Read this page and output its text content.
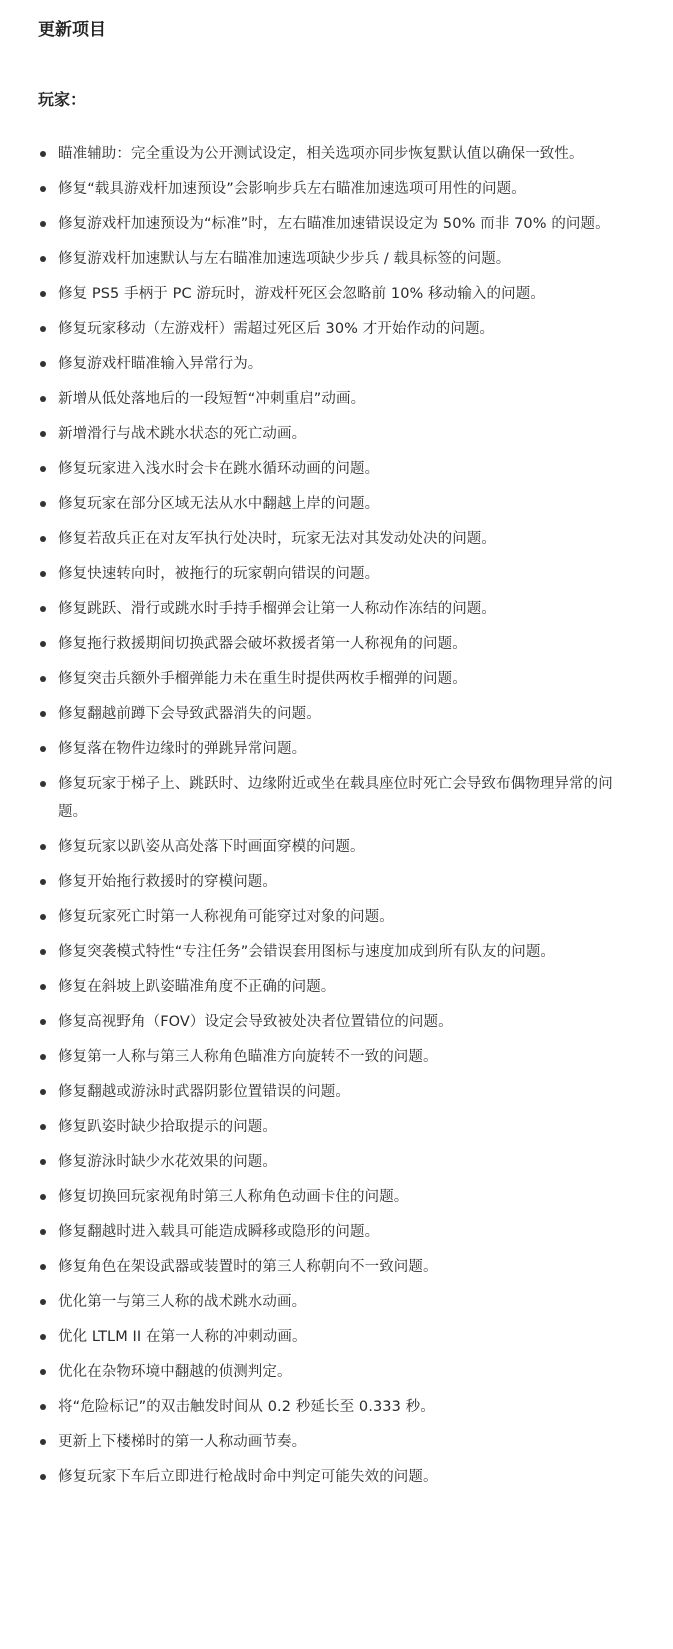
更新项目
玩家：
瞄准辅助：完全重设为公开测试设定，相关选项亦同步恢复默认值以确保一致性。
修复“载具游戏杆加速预设”会影响步兵左右瞄准加速选项可用性的问题。
修复游戏杆加速预设为“标准”时，左右瞄准加速错误设定为 50% 而非 70% 的问题。
修复游戏杆加速默认与左右瞄准加速选项缺少步兵 / 载具标签的问题。
修复 PS5 手柄于 PC 游玩时，游戏杆死区会忽略前 10% 移动输入的问题。
修复玩家移动（左游戏杆）需超过死区后 30% 才开始作动的问题。
修复游戏杆瞄准输入异常行为。
新增从低处落地后的一段短暂“冲刺重启”动画。
新增滑行与战术跳水状态的死亡动画。
修复玩家进入浅水时会卡在跳水循环动画的问题。
修复玩家在部分区域无法从水中翻越上岸的问题。
修复若敌兵正在对友军执行处决时，玩家无法对其发动处决的问题。
修复快速转向时，被拖行的玩家朝向错误的问题。
修复跳跃、滑行或跳水时手持手榴弹会让第一人称动作冻结的问题。
修复拖行救援期间切换武器会破坏救援者第一人称视角的问题。
修复突击兵额外手榴弹能力未在重生时提供两枚手榴弹的问题。
修复翻越前蹲下会导致武器消失的问题。
修复落在物件边缘时的弹跳异常问题。
修复玩家于梯子上、跳跃时、边缘附近或坐在载具座位时死亡会导致布偶物理异常的问题。
修复玩家以趴姿从高处落下时画面穿模的问题。
修复开始拖行救援时的穿模问题。
修复玩家死亡时第一人称视角可能穿过对象的问题。
修复突袭模式特性“专注任务”会错误套用图标与速度加成到所有队友的问题。
修复在斜坡上趴姿瞄准角度不正确的问题。
修复高视野角（FOV）设定会导致被处决者位置错位的问题。
修复第一人称与第三人称角色瞄准方向旋转不一致的问题。
修复翻越或游泳时武器阴影位置错误的问题。
修复趴姿时缺少拾取提示的问题。
修复游泳时缺少水花效果的问题。
修复切换回玩家视角时第三人称角色动画卡住的问题。
修复翻越时进入载具可能造成瞬移或隐形的问题。
修复角色在架设武器或装置时的第三人称朝向不一致问题。
优化第一与第三人称的战术跳水动画。
优化 LTLM II 在第一人称的冲刺动画。
优化在杂物环境中翻越的侦测判定。
将“危险标记”的双击触发时间从 0.2 秒延长至 0.333 秒。
更新上下楼梯时的第一人称动画节奏。
修复玩家下车后立即进行枪战时命中判定可能失效的问题。
